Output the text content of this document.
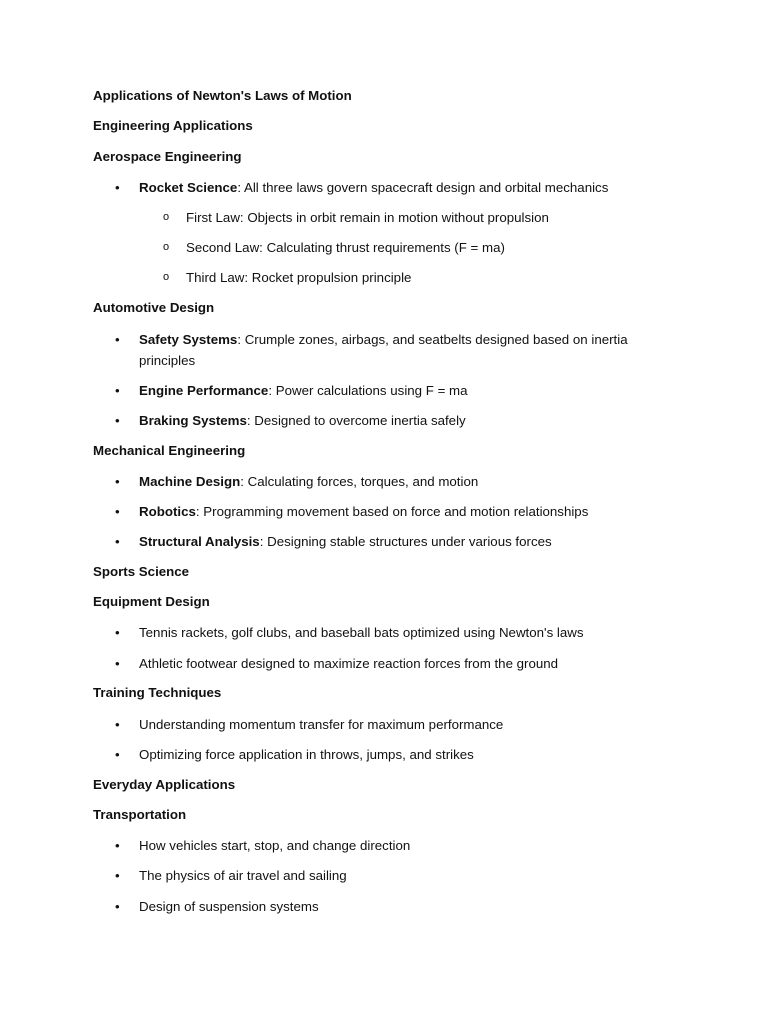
Applications of Newton's Laws of Motion
Engineering Applications
Aerospace Engineering
• Rocket Science: All three laws govern spacecraft design and orbital mechanics
o First Law: Objects in orbit remain in motion without propulsion
o Second Law: Calculating thrust requirements (F = ma)
o Third Law: Rocket propulsion principle
Automotive Design
• Safety Systems: Crumple zones, airbags, and seatbelts designed based on inertia principles
• Engine Performance: Power calculations using F = ma
• Braking Systems: Designed to overcome inertia safely
Mechanical Engineering
• Machine Design: Calculating forces, torques, and motion
• Robotics: Programming movement based on force and motion relationships
• Structural Analysis: Designing stable structures under various forces
Sports Science
Equipment Design
• Tennis rackets, golf clubs, and baseball bats optimized using Newton's laws
• Athletic footwear designed to maximize reaction forces from the ground
Training Techniques
• Understanding momentum transfer for maximum performance
• Optimizing force application in throws, jumps, and strikes
Everyday Applications
Transportation
• How vehicles start, stop, and change direction
• The physics of air travel and sailing
• Design of suspension systems
